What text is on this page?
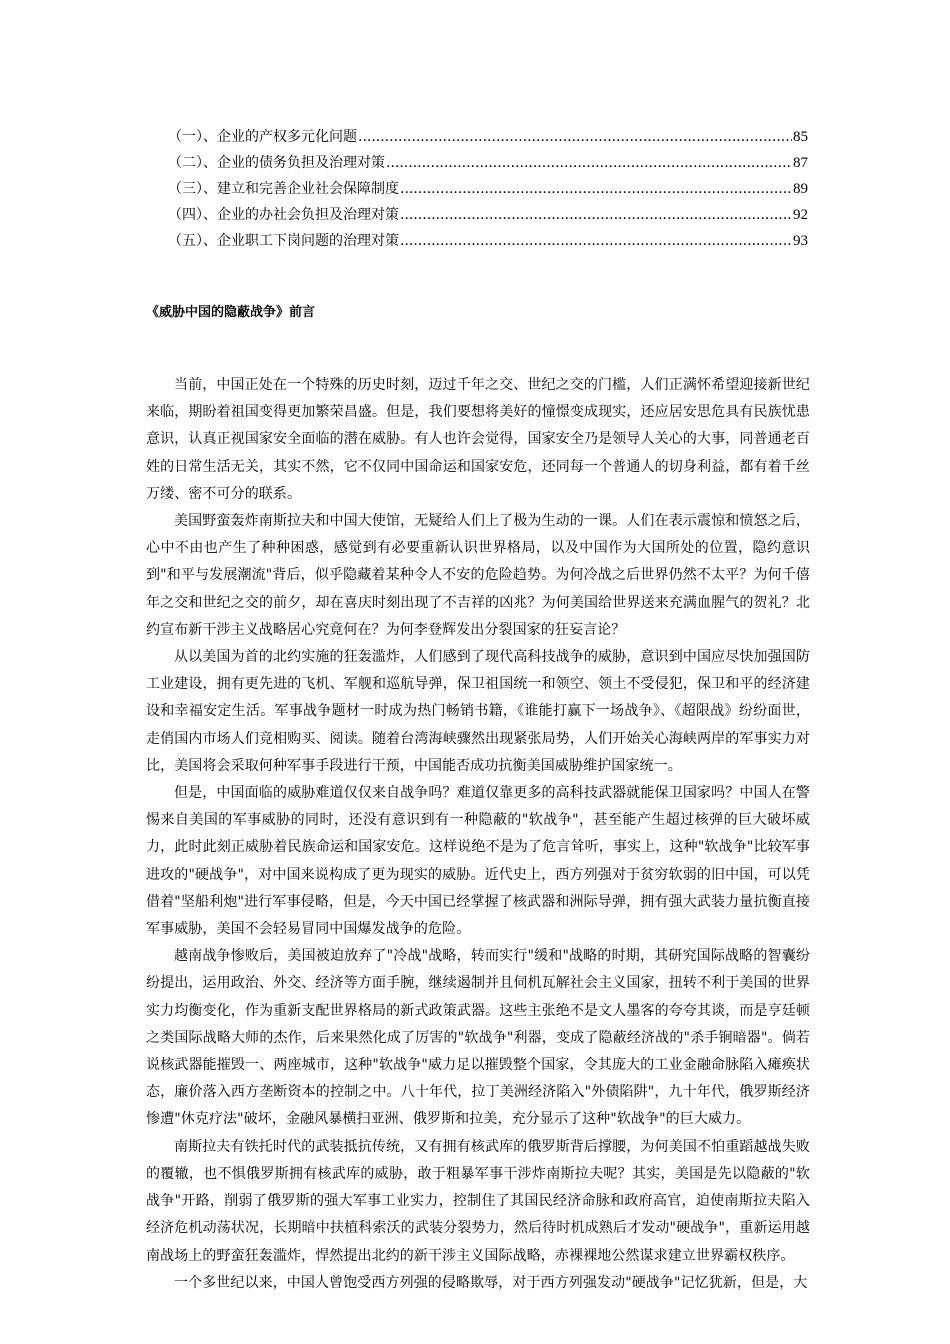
（一）、企业的产权多元化问题 .....	85
（二）、企业的债务负担及治理对策 .....	87
（三）、建立和完善企业社会保障制度 .....	89
（四）、企业的办社会负担及治理对策 .....	92
（五）、企业职工下岗问题的治理对策 .....	93
《威胁中国的隐蔽战争》前言

当前，中国正处在一个特殊的历史时刻，迈过千年之交、世纪之交的门槛，人们正满怀希望迎接新世纪来临，期盼着祖国变得更加繁荣昌盛。但是，我们要想将美好的憧憬变成现实，还应居安思危具有民族忧患意识，认真正视国家安全面临的潜在威胁。有人也许会觉得，国家安全乃是领导人关心的大事，同普通老百姓的日常生活无关，其实不然，它不仅同中国命运和国家安危，还同每一个普通人的切身利益，都有着千丝万缕、密不可分的联系。

美国野蛮轰炸南斯拉夫和中国大使馆，无疑给人们上了极为生动的一课。人们在表示震惊和愤怒之后，心中不由也产生了种种困惑，感觉到有必要重新认识世界格局，以及中国作为大国所处的位置，隐约意识到"和平与发展潮流"背后，似乎隐藏着某种令人不安的危险趋势。为何冷战之后世界仍然不太平？为何千僖年之交和世纪之交的前夕，却在喜庆时刻出现了不吉祥的凶兆？为何美国给世界送来充满血腥气的贺礼？北约宣布新干涉主义战略居心究竟何在？为何李登辉发出分裂国家的狂妄言论？

从以美国为首的北约实施的狂轰滥炸，人们感到了现代高科技战争的威胁，意识到中国应尽快加强国防工业建设，拥有更先进的飞机、军舰和巡航导弹，保卫祖国统一和领空、领土不受侵犯，保卫和平的经济建设和幸福安定生活。军事战争题材一时成为热门畅销书籍，《谁能打赢下一场战争》、《超限战》纷纷面世，走俏国内市场人们竞相购买、阅读。随着台湾海峡骤然出现紧张局势，人们开始关心海峡两岸的军事实力对比，美国将会采取何种军事手段进行干预，中国能否成功抗衡美国威胁维护国家统一。

但是，中国面临的威胁难道仅仅来自战争吗？难道仅靠更多的高科技武器就能保卫国家吗？中国人在警惕来自美国的军事威胁的同时，还没有意识到有一种隐蔽的"软战争"，甚至能产生超过核弹的巨大破坏威力，此时此刻正威胁着民族命运和国家安危。这样说绝不是为了危言耸听，事实上，这种"软战争"比较军事进攻的"硬战争"，对中国来说构成了更为现实的威胁。近代史上，西方列强对于贫穷软弱的旧中国，可以凭借着"坚船利炮"进行军事侵略，但是，今天中国已经掌握了核武器和洲际导弹，拥有强大武装力量抗衡直接军事威胁，美国不会轻易冒同中国爆发战争的危险。

越南战争惨败后，美国被迫放弃了"冷战"战略，转而实行"缓和"战略的时期，其研究国际战略的智囊纷纷提出，运用政治、外交、经济等方面手腕，继续遏制并且伺机瓦解社会主义国家，扭转不利于美国的世界实力均衡变化，作为重新支配世界格局的新式政策武器。这些主张绝不是文人墨客的夸夸其谈，而是亨廷顿之类国际战略大师的杰作，后来果然化成了厉害的"软战争"利器，变成了隐蔽经济战的"杀手锏暗器"。倘若说核武器能摧毁一、两座城市，这种"软战争"威力足以摧毁整个国家，令其庞大的工业金融命脉陷入瘫痪状态，廉价落入西方垄断资本的控制之中。八十年代，拉丁美洲经济陷入"外债陷阱"，九十年代，俄罗斯经济惨遭"休克疗法"破坏，金融风暴横扫亚洲、俄罗斯和拉美，充分显示了这种"软战争"的巨大威力。

南斯拉夫有铁托时代的武装抵抗传统，又有拥有核武库的俄罗斯背后撑腰，为何美国不怕重蹈越战失败的覆辙，也不惧俄罗斯拥有核武库的威胁，敢于粗暴军事干涉炸南斯拉夫呢？其实，美国是先以隐蔽的"软战争"开路，削弱了俄罗斯的强大军事工业实力，控制住了其国民经济命脉和政府高官，迫使南斯拉夫陷入经济危机动荡状况，长期暗中扶植科索沃的武装分裂势力，然后待时机成熟后才发动"硬战争"，重新运用越南战场上的野蛮狂轰滥炸，悍然提出北约的新干涉主义国际战略，赤裸裸地公然谋求建立世界霸权秩序。

一个多世纪以来，中国人曾饱受西方列强的侵略欺辱，对于西方列强发动"硬战争"记忆犹新，但是，大
